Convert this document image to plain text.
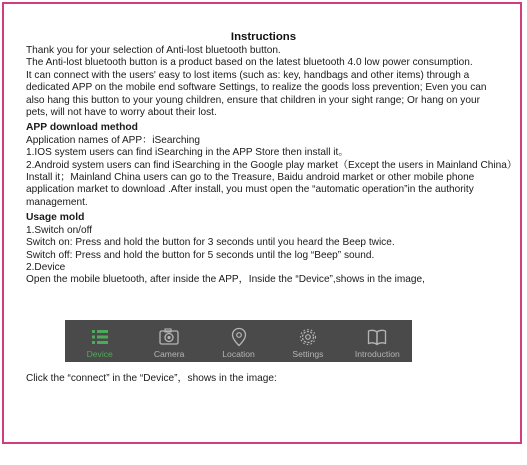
Instructions

Thank you for your selection of Anti-lost bluetooth button.

The Anti-lost bluetooth button is a product based on the latest bluetooth 4.0 low power consumption.

It can connect with the users' easy to lost items (such as: key, handbags and other items) through a

dedicated APP on the mobile end software Settings, to realize the goods loss prevention; Even you can

also hang this button to your young children, ensure that children in your sight range; Or hang on your

pets, will not have to worry about their lost.

APP download method

Application names of APP：iSearching

1.IOS system users can find iSearching in the APP Store then install it。

2.Android system users can find iSearching in the Google play market（Except the users in Mainland China）

Install it；Mainland China users can go to the Treasure, Baidu android market or other mobile phone

application market to download .After install, you must open the “automatic operation”in the authority

management.

Usage mold

1.Switch on/off

Switch on: Press and hold the button for 3 seconds until you heard the Beep twice.

Switch off: Press and hold the button for 5 seconds until the log “Beep” sound.

2.Device

Open the mobile bluetooth, after inside the APP，Inside the “Device”,shows in the image,

Device	Camera	Location	Settings	Introduction
Click the “connect” in the “Device”，shows in the image:
